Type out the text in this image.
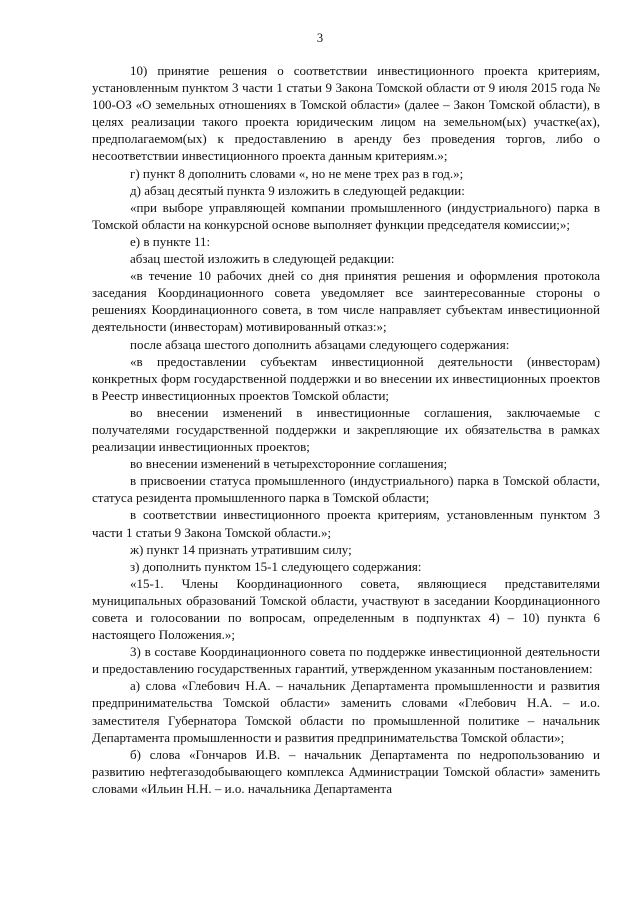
3

10) принятие решения о соответствии инвестиционного проекта критериям, установленным пунктом 3 части 1 статьи 9 Закона Томской области от 9 июля 2015 года № 100-ОЗ «О земельных отношениях в Томской области» (далее – Закон Томской области), в целях реализации такого проекта юридическим лицом на земельном(ых) участке(ах), предполагаемом(ых) к предоставлению в аренду без проведения торгов, либо о несоответствии инвестиционного проекта данным критериям.»;

г) пункт 8 дополнить словами «, но не мене трех раз в год.»;

д) абзац десятый пункта 9 изложить в следующей редакции:

«при выборе управляющей компании промышленного (индустриального) парка в Томской области на конкурсной основе выполняет функции председателя комиссии;»;

е) в пункте 11:

абзац шестой изложить в следующей редакции:

«в течение 10 рабочих дней со дня принятия решения и оформления протокола заседания Координационного совета уведомляет все заинтересованные стороны о решениях Координационного совета, в том числе направляет субъектам инвестиционной деятельности (инвесторам) мотивированный отказ:»;

после абзаца шестого дополнить абзацами следующего содержания:

«в предоставлении субъектам инвестиционной деятельности (инвесторам) конкретных форм государственной поддержки и во внесении их инвестиционных проектов в Реестр инвестиционных проектов Томской области;

во внесении изменений в инвестиционные соглашения, заключаемые с получателями государственной поддержки и закрепляющие их обязательства в рамках реализации инвестиционных проектов;

во внесении изменений в четырехсторонние соглашения;

в присвоении статуса промышленного (индустриального) парка в Томской области, статуса резидента промышленного парка в Томской области;

в соответствии инвестиционного проекта критериям, установленным пунктом 3 части 1 статьи 9 Закона Томской области.»;

ж) пункт 14 признать утратившим силу;

з) дополнить пунктом 15-1 следующего содержания:

«15-1. Члены Координационного совета, являющиеся представителями муниципальных образований Томской области, участвуют в заседании Координационного совета и голосовании по вопросам, определенным в подпунктах 4) – 10) пункта 6 настоящего Положения.»;

3) в составе Координационного совета по поддержке инвестиционной деятельности и предоставлению государственных гарантий, утвержденном указанным постановлением:

а) слова «Глебович Н.А. – начальник Департамента промышленности и развития предпринимательства Томской области» заменить словами «Глебович Н.А. – и.о. заместителя Губернатора Томской области по промышленной политике – начальник Департамента промышленности и развития предпринимательства Томской области»;

б) слова «Гончаров И.В. – начальник Департамента по недропользованию и развитию нефтегазодобывающего комплекса Администрации Томской области» заменить словами «Ильин Н.Н. – и.о. начальника Департамента
